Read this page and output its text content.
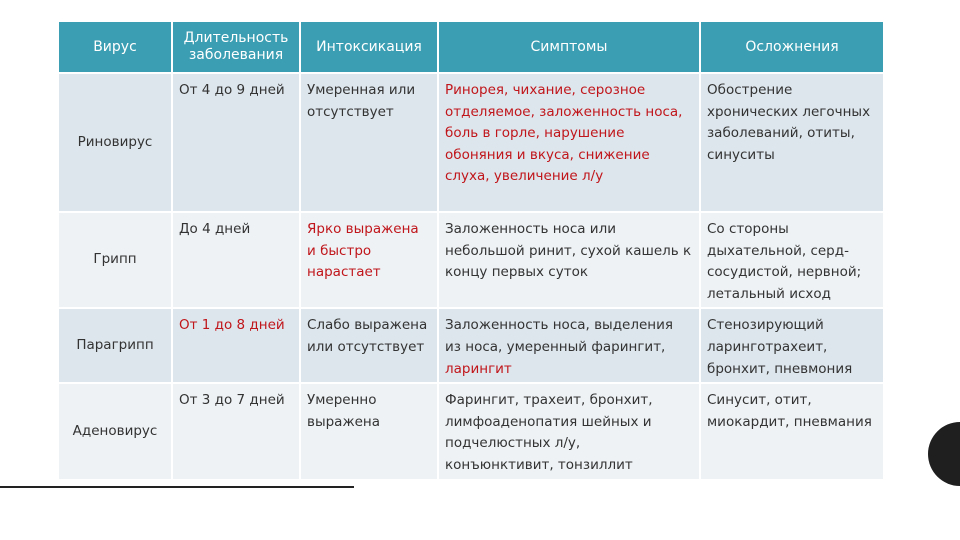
Вирус	Длительность заболевания	Интоксикация	Симптомы	Осложнения
Риновирус	От 4 до 9 дней	Умеренная или отсутствует	Ринорея, чихание, серозное отделяемое, заложенность носа, боль в горле, нарушение обоняния и вкуса, снижение слуха, увеличение л/у	Обострение хронических легочных заболеваний, отиты, синуситы
Грипп	До 4 дней	Ярко выражена и быстро нарастает	Заложенность носа или небольшой ринит, сухой кашель к концу первых суток	Со стороны дыхательной, серд-сосудистой, нервной; летальный исход
Парагрипп	От 1 до 8 дней	Слабо выражена или отсутствует	Заложенность носа, выделения из носа, умеренный фарингит, ларингит	Стенозирующий ларинготрахеит, бронхит, пневмония
Аденовирус	От 3 до 7 дней	Умеренно выражена	Фарингит, трахеит, бронхит, лимфоаденопатия шейных и подчелюстных л/у, конъюнктивит, тонзиллит	Синусит, отит, миокардит, пневмания
